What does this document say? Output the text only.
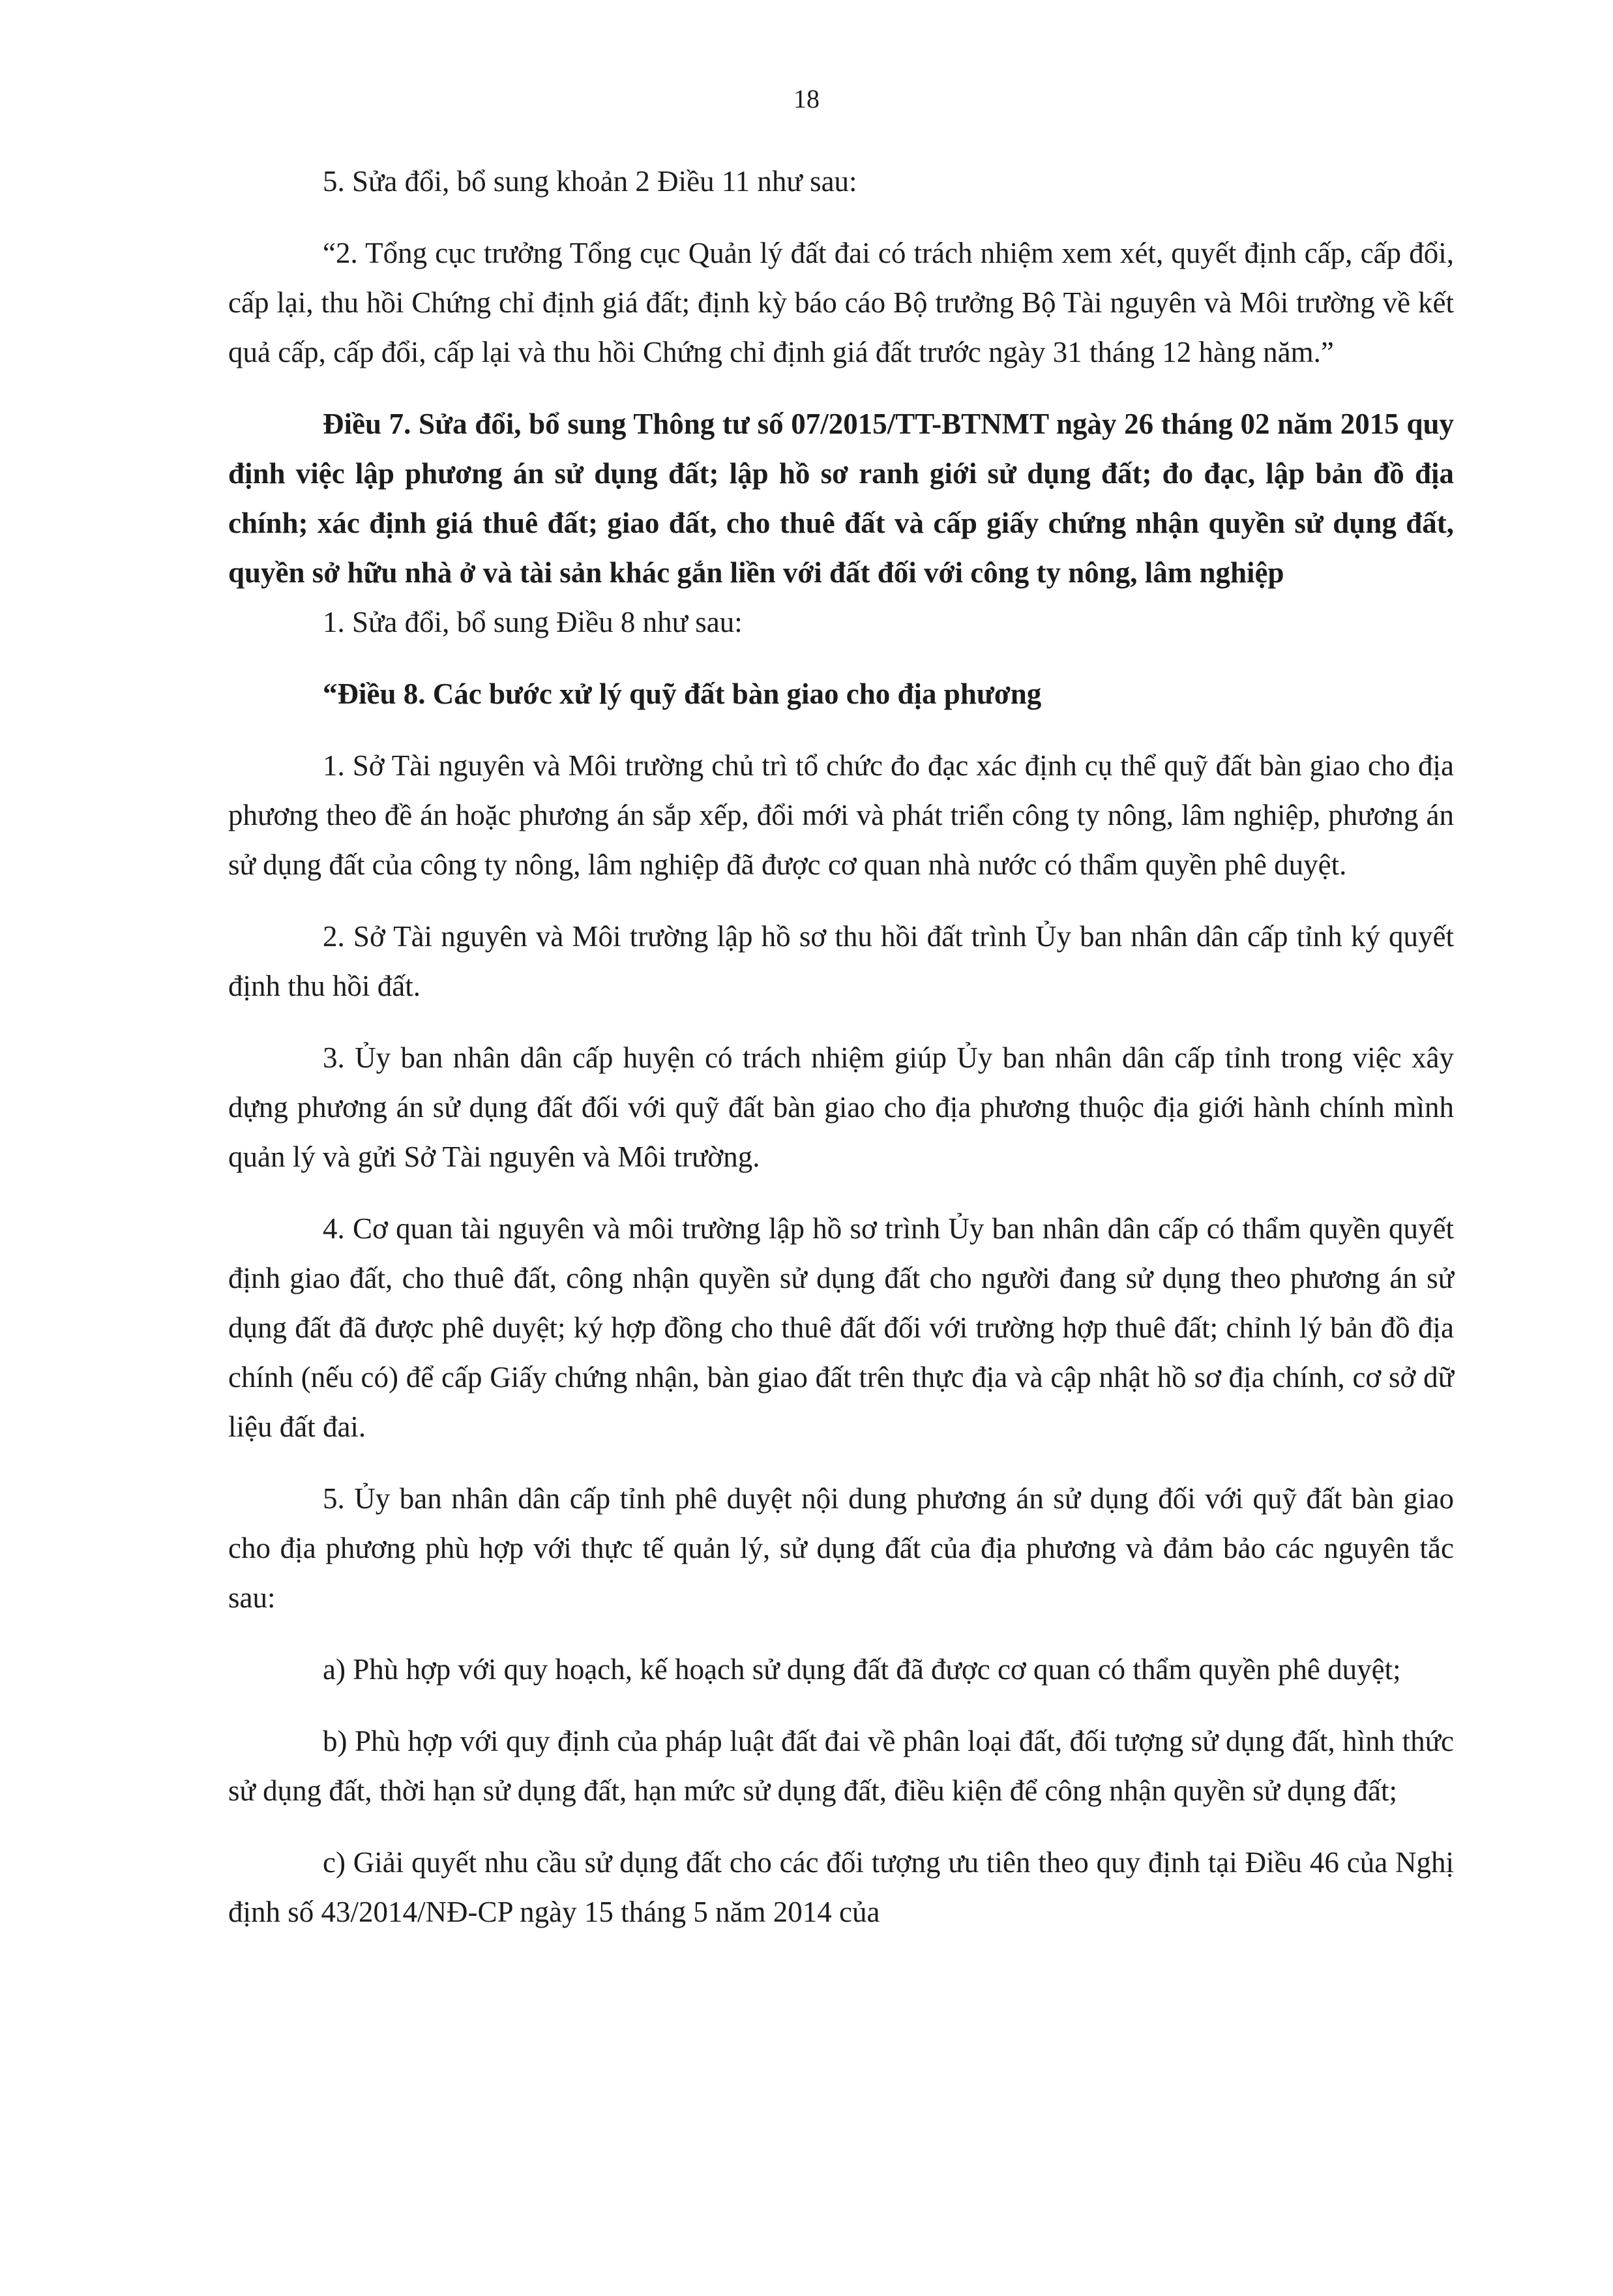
18

5. Sửa đổi, bổ sung khoản 2 Điều 11 như sau:

“2. Tổng cục trưởng Tổng cục Quản lý đất đai có trách nhiệm xem xét, quyết định cấp, cấp đổi, cấp lại, thu hồi Chứng chỉ định giá đất; định kỳ báo cáo Bộ trưởng Bộ Tài nguyên và Môi trường về kết quả cấp, cấp đổi, cấp lại và thu hồi Chứng chỉ định giá đất trước ngày 31 tháng 12 hàng năm.”

Điều 7. Sửa đổi, bổ sung Thông tư số 07/2015/TT-BTNMT ngày 26 tháng 02 năm 2015 quy định việc lập phương án sử dụng đất; lập hồ sơ ranh giới sử dụng đất; đo đạc, lập bản đồ địa chính; xác định giá thuê đất; giao đất, cho thuê đất và cấp giấy chứng nhận quyền sử dụng đất, quyền sở hữu nhà ở và tài sản khác gắn liền với đất đối với công ty nông, lâm nghiệp

1. Sửa đổi, bổ sung Điều 8 như sau:

“Điều 8. Các bước xử lý quỹ đất bàn giao cho địa phương

1. Sở Tài nguyên và Môi trường chủ trì tổ chức đo đạc xác định cụ thể quỹ đất bàn giao cho địa phương theo đề án hoặc phương án sắp xếp, đổi mới và phát triển công ty nông, lâm nghiệp, phương án sử dụng đất của công ty nông, lâm nghiệp đã được cơ quan nhà nước có thẩm quyền phê duyệt.

2. Sở Tài nguyên và Môi trường lập hồ sơ thu hồi đất trình Ủy ban nhân dân cấp tỉnh ký quyết định thu hồi đất.

3. Ủy ban nhân dân cấp huyện có trách nhiệm giúp Ủy ban nhân dân cấp tỉnh trong việc xây dựng phương án sử dụng đất đối với quỹ đất bàn giao cho địa phương thuộc địa giới hành chính mình quản lý và gửi Sở Tài nguyên và Môi trường.

4. Cơ quan tài nguyên và môi trường lập hồ sơ trình Ủy ban nhân dân cấp có thẩm quyền quyết định giao đất, cho thuê đất, công nhận quyền sử dụng đất cho người đang sử dụng theo phương án sử dụng đất đã được phê duyệt; ký hợp đồng cho thuê đất đối với trường hợp thuê đất; chỉnh lý bản đồ địa chính (nếu có) để cấp Giấy chứng nhận, bàn giao đất trên thực địa và cập nhật hồ sơ địa chính, cơ sở dữ liệu đất đai.

5. Ủy ban nhân dân cấp tỉnh phê duyệt nội dung phương án sử dụng đối với quỹ đất bàn giao cho địa phương phù hợp với thực tế quản lý, sử dụng đất của địa phương và đảm bảo các nguyên tắc sau:

a) Phù hợp với quy hoạch, kế hoạch sử dụng đất đã được cơ quan có thẩm quyền phê duyệt;

b) Phù hợp với quy định của pháp luật đất đai về phân loại đất, đối tượng sử dụng đất, hình thức sử dụng đất, thời hạn sử dụng đất, hạn mức sử dụng đất, điều kiện để công nhận quyền sử dụng đất;

c) Giải quyết nhu cầu sử dụng đất cho các đối tượng ưu tiên theo quy định tại Điều 46 của Nghị định số 43/2014/NĐ-CP ngày 15 tháng 5 năm 2014 của
